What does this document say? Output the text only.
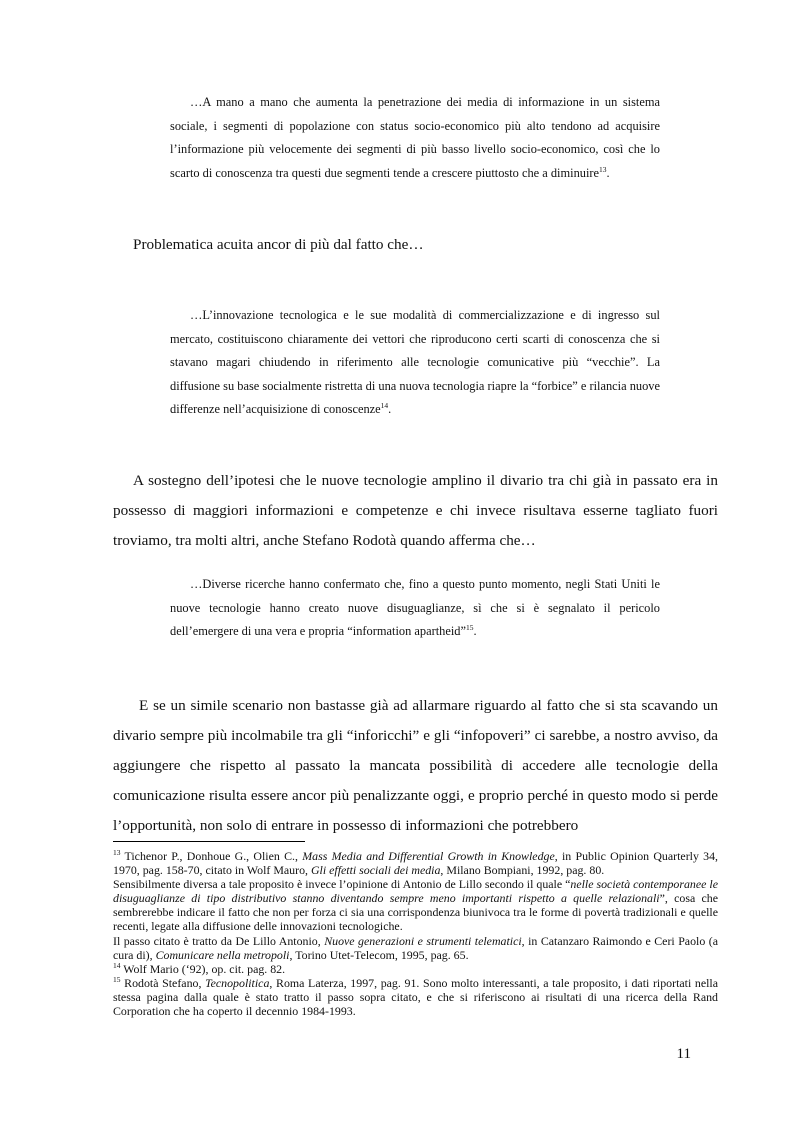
…A mano a mano che aumenta la penetrazione dei media di informazione in un sistema sociale, i segmenti di popolazione con status socio-economico più alto tendono ad acquisire l’informazione più velocemente dei segmenti di più basso livello socio-economico, così che lo scarto di conoscenza tra questi due segmenti tende a crescere piuttosto che a diminuire$^{13}$.
Problematica acuita ancor di più dal fatto che…
…L’innovazione tecnologica e le sue modalità di commercializzazione e di ingresso sul mercato, costituiscono chiaramente dei vettori che riproducono certi scarti di conoscenza che si stavano magari chiudendo in riferimento alle tecnologie comunicative più “vecchie”. La diffusione su base socialmente ristretta di una nuova tecnologia riapre la “forbice” e rilancia nuove differenze nell’acquisizione di conoscenze$^{14}$.
A sostegno dell’ipotesi che le nuove tecnologie amplino il divario tra chi già in passato era in possesso di maggiori informazioni e competenze e chi invece risultava esserne tagliato fuori troviamo, tra molti altri, anche Stefano Rodotà quando afferma che…
…Diverse ricerche hanno confermato che, fino a questo punto momento, negli Stati Uniti le nuove tecnologie hanno creato nuove disuguaglianze, sì che si è segnalato il pericolo dell’emergere di una vera e propria “information apartheid”$^{15}$.
E se un simile scenario non bastasse già ad allarmare riguardo al fatto che si sta scavando un divario sempre più incolmabile tra gli “inforicchi” e gli “infopoveri” ci sarebbe, a nostro avviso, da aggiungere che rispetto al passato la mancata possibilità di accedere alle tecnologie della comunicazione risulta essere ancor più penalizzante oggi, e proprio perché in questo modo si perde l’opportunità, non solo di entrare in possesso di informazioni che potrebbero

$^{13}$ Tichenor P., Donhoue G., Olien C., Mass Media and Differential Growth in Knowledge, in Public Opinion Quarterly 34, 1970, pag. 158-70, citato in Wolf Mauro, Gli effetti sociali dei media, Milano Bompiani, 1992, pag. 80.

Sensibilmente diversa a tale proposito è invece l’opinione di Antonio de Lillo secondo il quale “nelle società contemporanee le disuguaglianze di tipo distributivo stanno diventando sempre meno importanti rispetto a quelle relazionali”, cosa che sembrerebbe indicare il fatto che non per forza ci sia una corrispondenza biunivoca tra le forme di povertà tradizionali e quelle recenti, legate alla diffusione delle innovazioni tecnologiche.

Il passo citato è tratto da De Lillo Antonio, Nuove generazioni e strumenti telematici, in Catanzaro Raimondo e Ceri Paolo (a cura di), Comunicare nella metropoli, Torino Utet-Telecom, 1995, pag. 65.

$^{14}$ Wolf Mario (‘92), op. cit. pag. 82.

$^{15}$ Rodotà Stefano, Tecnopolitica, Roma Laterza, 1997, pag. 91. Sono molto interessanti, a tale proposito, i dati riportati nella stessa pagina dalla quale è stato tratto il passo sopra citato, e che si riferiscono ai risultati di una ricerca della Rand Corporation che ha coperto il decennio 1984-1993.

11
